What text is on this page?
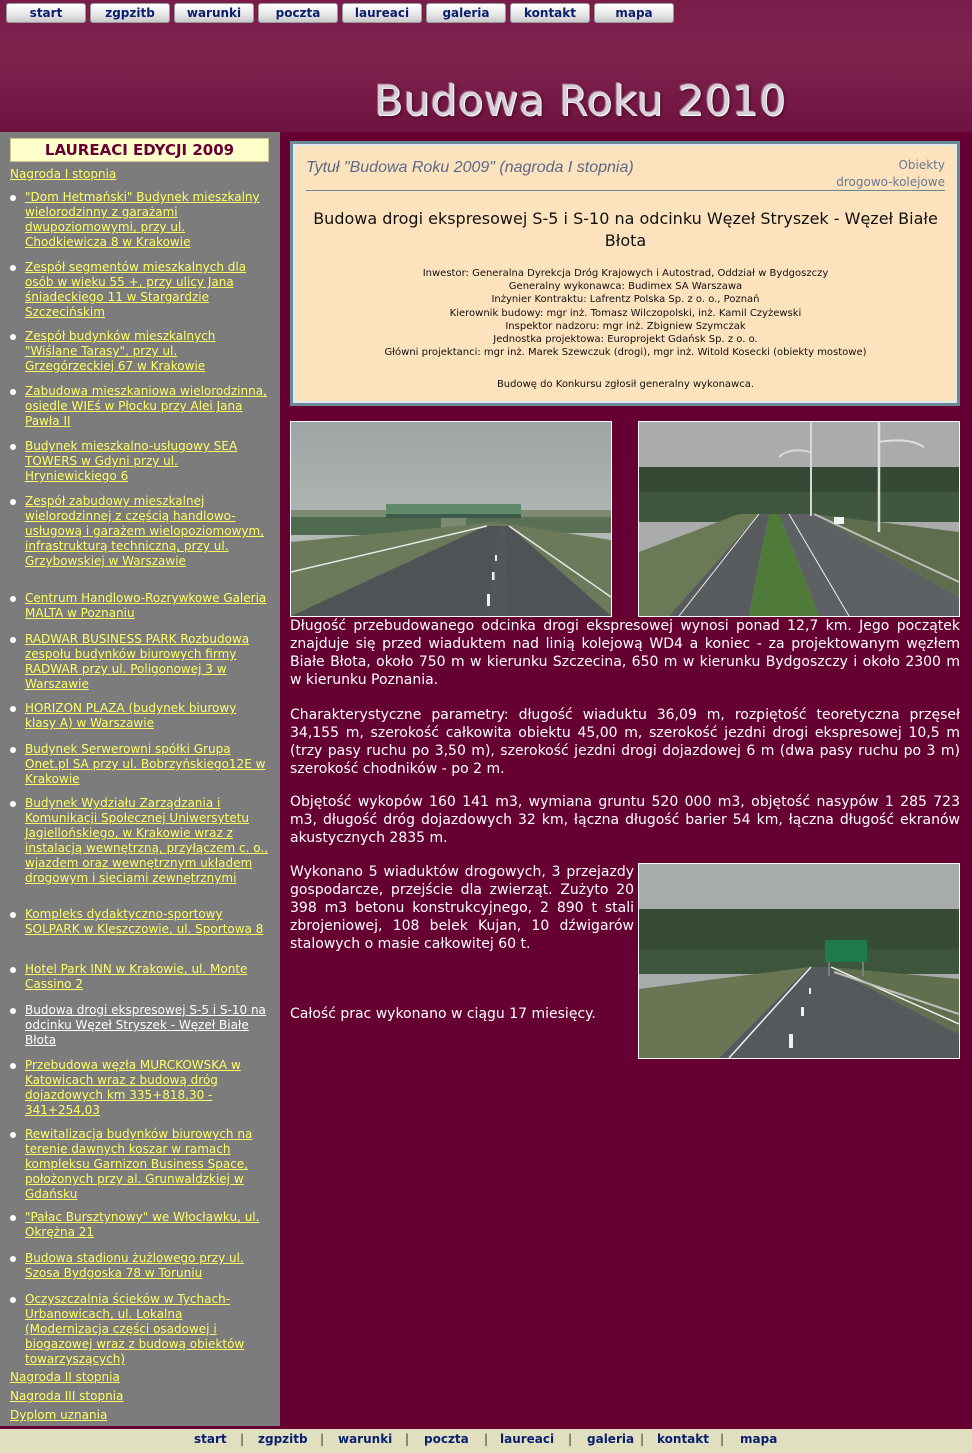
start	zgpzitb	warunki	poczta	laureaci	galeria	kontakt	mapa
Budowa Roku 2010
LAUREACI EDYCJI 2009
Nagroda I stopnia
"Dom Hetmański" Budynek mieszkalny wielorodzinny z garażami dwupoziomowymi, przy ul. Chodkiewicza 8 w Krakowie
Zespół segmentów mieszkalnych dla osób w wieku 55 +, przy ulicy Jana śniadeckiego 11 w Stargardzie Szczecińskim
Zespół budynków mieszkalnych "Wiślane Tarasy", przy ul. Grzegórzeckiej 67 w Krakowie
Zabudowa mieszkaniowa wielorodzinna, osiedle WIEś w Płocku przy Alei Jana Pawła II
Budynek mieszkalno-usługowy SEA TOWERS w Gdyni przy ul. Hryniewickiego 6
Zespół zabudowy mieszkalnej wielorodzinnej z częścią handlowo-usługową i garażem wielopoziomowym, infrastrukturą techniczną, przy ul. Grzybowskiej w Warszawie
Centrum Handlowo-Rozrywkowe Galeria MALTA w Poznaniu
RADWAR BUSINESS PARK Rozbudowa zespołu budynków biurowych firmy RADWAR przy ul. Poligonowej 3 w Warszawie
HORIZON PLAZA (budynek biurowy klasy A) w Warszawie
Budynek Serwerowni spółki Grupa Onet.pl SA przy ul. Bobrzyńskiego12E w Krakowie
Budynek Wydziału Zarządzania i Komunikacji Społecznej Uniwersytetu Jagiellońskiego, w Krakowie wraz z instalacją wewnętrzną, przyłączem c. o., wjazdem oraz wewnętrznym układem drogowym i sieciami zewnętrznymi
Kompleks dydaktyczno-sportowy SOLPARK w Kleszczowie, ul. Sportowa 8
Hotel Park INN w Krakowie, ul. Monte Cassino 2
Budowa drogi ekspresowej S-5 i S-10 na odcinku Węzeł Stryszek - Węzeł Białe Błota
Przebudowa węzła MURCKOWSKA w Katowicach wraz z budową dróg dojazdowych km 335+818,30 - 341+254,03
Rewitalizacja budynków biurowych na terenie dawnych koszar w ramach kompleksu Garnizon Business Space, położonych przy al. Grunwaldzkiej w Gdańsku
"Pałac Bursztynowy" we Włocławku, ul. Okrężna 21
Budowa stadionu żużlowego przy ul. Szosa Bydgoska 78 w Toruniu
Oczyszczalnia ścieków w Tychach-Urbanowicach, ul. Lokalna (Modernizacja części osadowej i biogazowej wraz z budową obiektów towarzyszących)
Nagroda II stopnia
Nagroda III stopnia
Dyplom uznania
Tytuł "Budowa Roku 2009" (nagroda I stopnia)	Obiekty
drogowo-kolejowe
Budowa drogi ekspresowej S-5 i S-10 na odcinku Węzeł Stryszek - Węzeł Białe Błota
Inwestor: Generalna Dyrekcja Dróg Krajowych i Autostrad, Oddział w Bydgoszczy
Generalny wykonawca: Budimex SA Warszawa
Inżynier Kontraktu: Lafrentz Polska Sp. z o. o., Poznań
Kierownik budowy: mgr inż. Tomasz Wilczopolski, inż. Kamil Czyżewski
Inspektor nadzoru: mgr inż. Zbigniew Szymczak
Jednostka projektowa: Europrojekt Gdańsk Sp. z o. o.
Główni projektanci: mgr inż. Marek Szewczuk (drogi), mgr inż. Witold Kosecki (obiekty mostowe)
Budowę do Konkursu zgłosił generalny wykonawca.
Długość przebudowanego odcinka drogi ekspresowej wynosi ponad 12,7 km. Jego początek znajduje się przed wiaduktem nad linią kolejową WD4 a koniec - za projektowanym węzłem Białe Błota, około 750 m w kierunku Szczecina, 650 m w kierunku Bydgoszczy i około 2300 m w kierunku Poznania.
Charakterystyczne parametry: długość wiaduktu 36,09 m, rozpiętość teoretyczna przęseł 34,155 m, szerokość całkowita obiektu 45,00 m, szerokość jezdni drogi ekspresowej 10,5 m (trzy pasy ruchu po 3,50 m), szerokość jezdni drogi dojazdowej 6 m (dwa pasy ruchu po 3 m) szerokość chodników - po 2 m.
Objętość wykopów 160 141 m3, wymiana gruntu 520 000 m3, objętość nasypów 1 285 723 m3, długość dróg dojazdowych 32 km, łączna długość barier 54 km, łączna długość ekranów akustycznych 2835 m.
Wykonano 5 wiaduktów drogowych, 3 przejazdy gospodarcze, przejście dla zwierząt. Zużyto 20 398 m3 betonu konstrukcyjnego, 2 890 t stali zbrojeniowej, 108 belek Kujan, 10 dźwigarów stalowych o masie całkowitej 60 t.
Całość prac wykonano w ciągu 17 miesięcy.
start | zgpzitb | warunki | poczta | laureaci | galeria | kontakt | mapa
